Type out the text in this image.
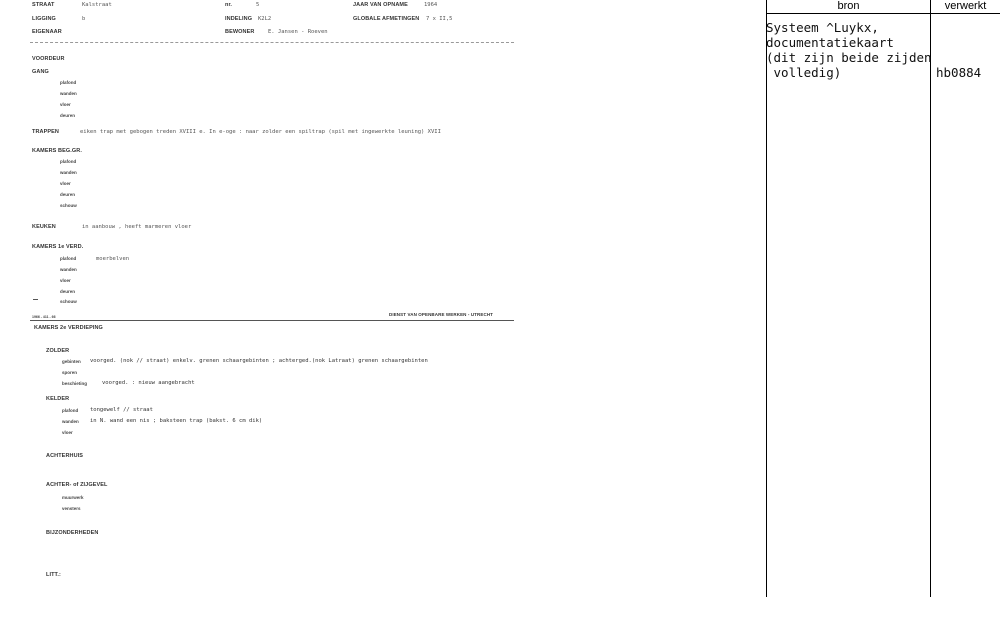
STRAAT	Kalstraat	nr.	5	JAAR VAN OPNAME	1964
LIGGING	b	INDELING K2L2	GLOBALE AFMETINGEN 7 x II,5
EIGENAAR	BEWONER E. Jansen - Roeven
VOORDEUR
GANG
plafond
wanden
vloer
deuren
TRAPPEN	eiken trap met gebogen treden XVIII e. In e-oge : naar zolder een spiltrap (spil met ingewerkte leuning) XVII
KAMERS BEG.GR.
plafond
wanden
vloer
deuren
schouw
KEUKEN	in aanbouw , heeft marmeren vloer
KAMERS 1e VERD.
plafond	moerbelven
wanden
vloer
deuren
schouw
1966 - 411 - 66	DIENST VAN OPENBARE WERKEN - UTRECHT
KAMERS 2e VERDIEPING
ZOLDER
gebinten voorged. (nok // straat) enkelv. grenen schaargebinten ; achterged.(nok Latraat) grenen schaargebinten
sporen
beschieting	voorged. : nieuw aangebracht
KELDER
plafond tongewelf // straat
wanden in N. wand een nis ; baksteen trap (bakst. 6 cm dik)
vloer
ACHTERHUIS
ACHTER- of ZIJGEVEL
muurwerk
vensters
BIJZONDERHEDEN
LITT.:
bron	verwerkt
Systeem ^Luykx,
documentatiekaart
(dit zijn beide zijden
volledig)	hb0884
